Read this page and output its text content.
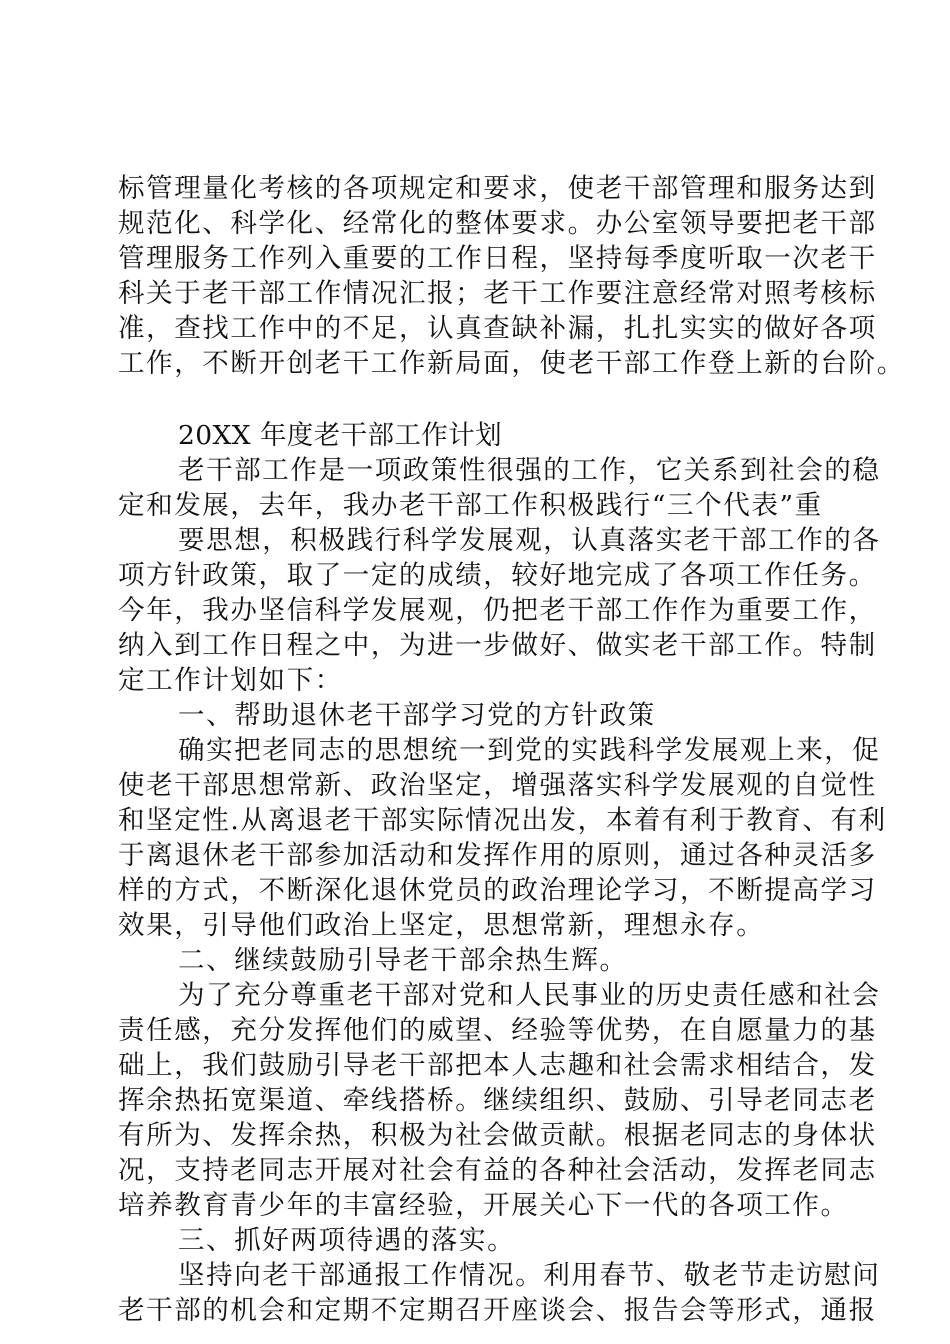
标管理量化考核的各项规定和要求，使老干部管理和服务达到
规范化、科学化、经常化的整体要求。办公室领导要把老干部
管理服务工作列入重要的工作日程，坚持每季度听取一次老干
科关于老干部工作情况汇报；老干工作要注意经常对照考核标
准，查找工作中的不足，认真查缺补漏，扎扎实实的做好各项
工作，不断开创老干工作新局面，使老干部工作登上新的台阶。
20XX 年度老干部工作计划
老干部工作是一项政策性很强的工作，它关系到社会的稳
定和发展，去年，我办老干部工作积极践行“三个代表”重
要思想，积极践行科学发展观，认真落实老干部工作的各
项方针政策，取了一定的成绩，较好地完成了各项工作任务。
今年，我办坚信科学发展观，仍把老干部工作作为重要工作，
纳入到工作日程之中，为进一步做好、做实老干部工作。特制
定工作计划如下：
一、帮助退休老干部学习党的方针政策
确实把老同志的思想统一到党的实践科学发展观上来，促
使老干部思想常新、政治坚定，增强落实科学发展观的自觉性
和坚定性.从离退老干部实际情况出发，本着有利于教育、有利
于离退休老干部参加活动和发挥作用的原则，通过各种灵活多
样的方式，不断深化退休党员的政治理论学习，不断提高学习
效果，引导他们政治上坚定，思想常新，理想永存。
二、继续鼓励引导老干部余热生辉。
为了充分尊重老干部对党和人民事业的历史责任感和社会
责任感，充分发挥他们的威望、经验等优势，在自愿量力的基
础上，我们鼓励引导老干部把本人志趣和社会需求相结合，发
挥余热拓宽渠道、牵线搭桥。继续组织、鼓励、引导老同志老
有所为、发挥余热，积极为社会做贡献。根据老同志的身体状
况，支持老同志开展对社会有益的各种社会活动，发挥老同志
培养教育青少年的丰富经验，开展关心下一代的各项工作。
三、抓好两项待遇的落实。
坚持向老干部通报工作情况。利用春节、敬老节走访慰问
老干部的机会和定期不定期召开座谈会、报告会等形式，通报
